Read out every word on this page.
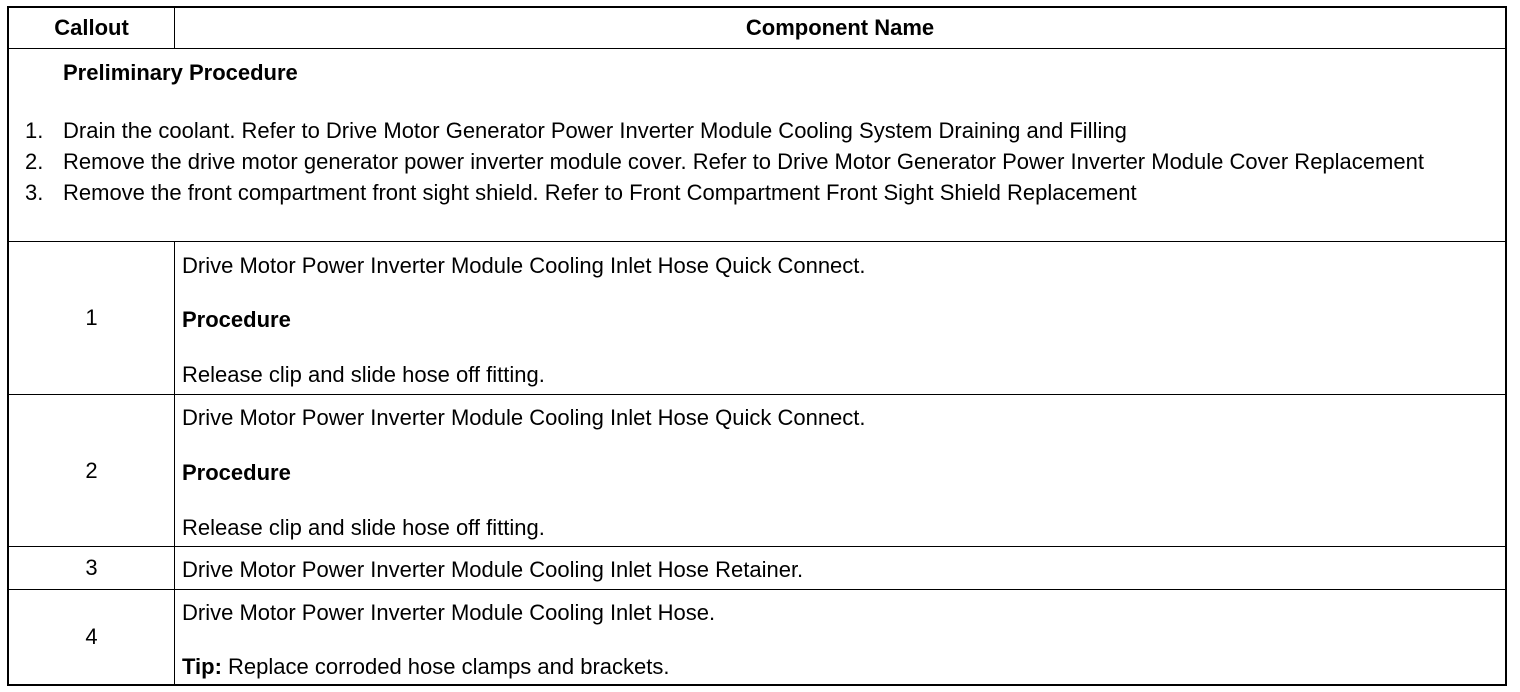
Callout	Component Name
Preliminary Procedure
1. Drain the coolant. Refer to Drive Motor Generator Power Inverter Module Cooling System Draining and Filling
2. Remove the drive motor generator power inverter module cover. Refer to Drive Motor Generator Power Inverter Module Cover Replacement
3. Remove the front compartment front sight shield. Refer to Front Compartment Front Sight Shield Replacement
1
Drive Motor Power Inverter Module Cooling Inlet Hose Quick Connect.
Procedure
Release clip and slide hose off fitting.
2
Drive Motor Power Inverter Module Cooling Inlet Hose Quick Connect.
Procedure
Release clip and slide hose off fitting.
3	Drive Motor Power Inverter Module Cooling Inlet Hose Retainer.
4
Drive Motor Power Inverter Module Cooling Inlet Hose.
Tip: Replace corroded hose clamps and brackets.
